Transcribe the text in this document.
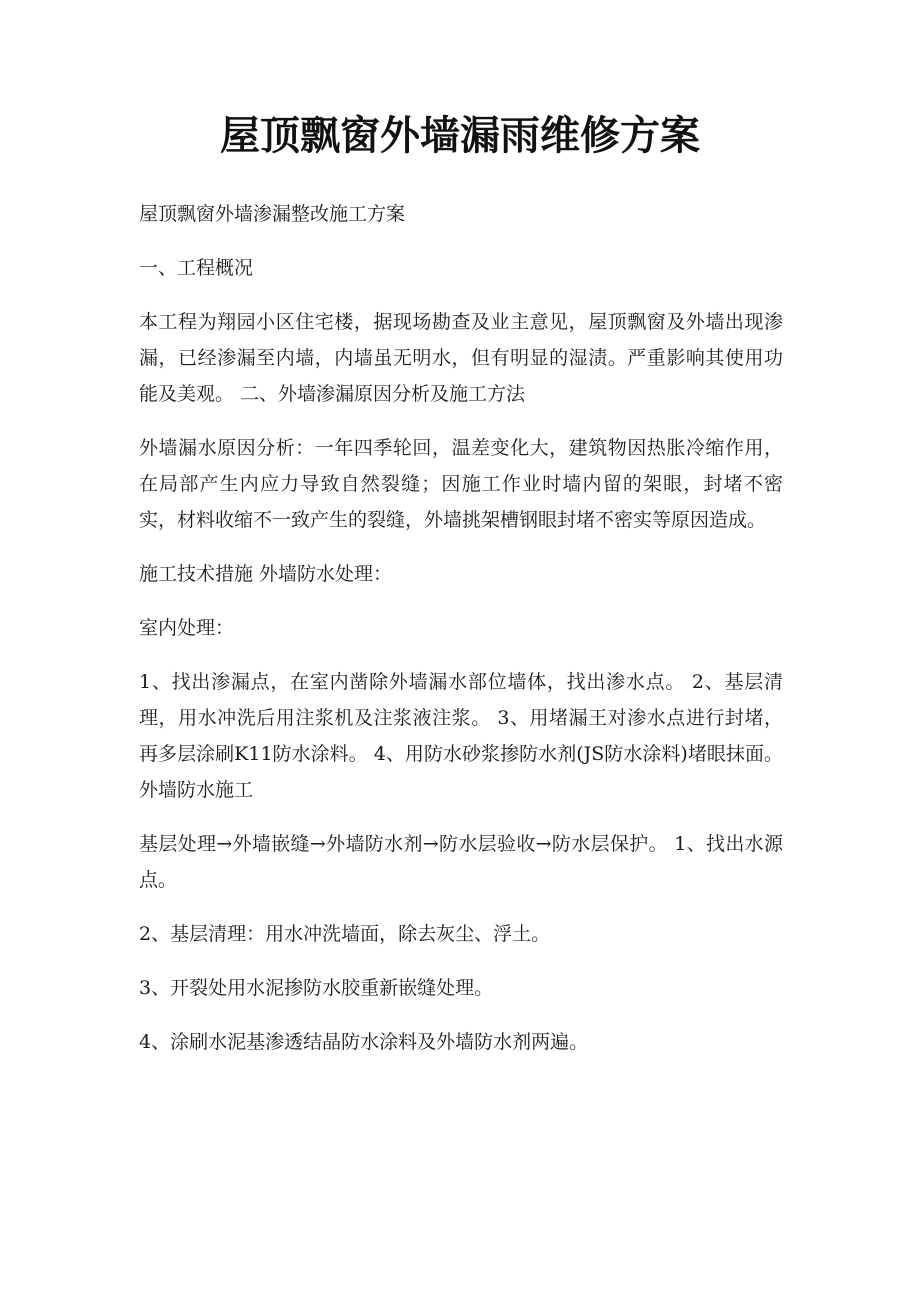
屋顶飘窗外墙漏雨维修方案

屋顶飘窗外墙渗漏整改施工方案

一、工程概况

本工程为翔园小区住宅楼，据现场勘查及业主意见，屋顶飘窗及外墙出现渗漏，已经渗漏至内墙，内墙虽无明水，但有明显的湿渍。严重影响其使用功能及美观。 二、外墙渗漏原因分析及施工方法

外墙漏水原因分析：一年四季轮回，温差变化大，建筑物因热胀冷缩作用，在局部产生内应力导致自然裂缝；因施工作业时墙内留的架眼，封堵不密实，材料收缩不一致产生的裂缝，外墙挑架槽钢眼封堵不密实等原因造成。

施工技术措施 外墙防水处理：

室内处理：

1、找出渗漏点，在室内凿除外墙漏水部位墙体，找出渗水点。 2、基层清理，用水冲洗后用注浆机及注浆液注浆。 3、用堵漏王对渗水点进行封堵，再多层涂刷K11防水涂料。 4、用防水砂浆掺防水剂(JS防水涂料)堵眼抹面。 外墙防水施工

基层处理→外墙嵌缝→外墙防水剂→防水层验收→防水层保护。 1、找出水源点。

2、基层清理：用水冲洗墙面，除去灰尘、浮土。

3、开裂处用水泥掺防水胶重新嵌缝处理。

4、涂刷水泥基渗透结晶防水涂料及外墙防水剂两遍。
